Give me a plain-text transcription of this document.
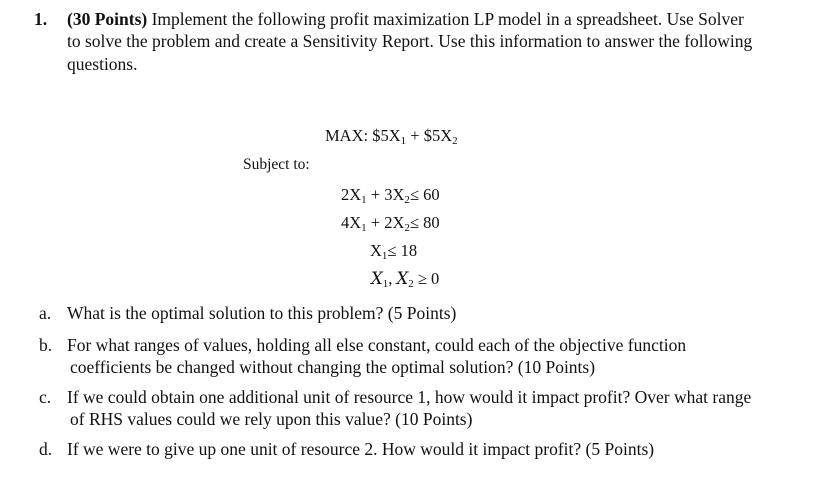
1. (30 Points) Implement the following profit maximization LP model in a spreadsheet. Use Solver
to solve the problem and create a Sensitivity Report. Use this information to answer the following
questions.
MAX: $\$5X_1$ + $\$5X_2$
Subject to:
$2X_1 + 3X_2\le 60$
$4X_1 + 2X_2\le 80$
$X_1\le 18$
X1, X2 ≥ 0
a. What is the optimal solution to this problem? (5 Points)
b. For what ranges of values, holding all else constant, could each of the objective function
coefficients be changed without changing the optimal solution? (10 Points)
c. If we could obtain one additional unit of resource 1, how would it impact profit? Over what range
of RHS values could we rely upon this value? (10 Points)
d. If we were to give up one unit of resource 2. How would it impact profit? (5 Points)
